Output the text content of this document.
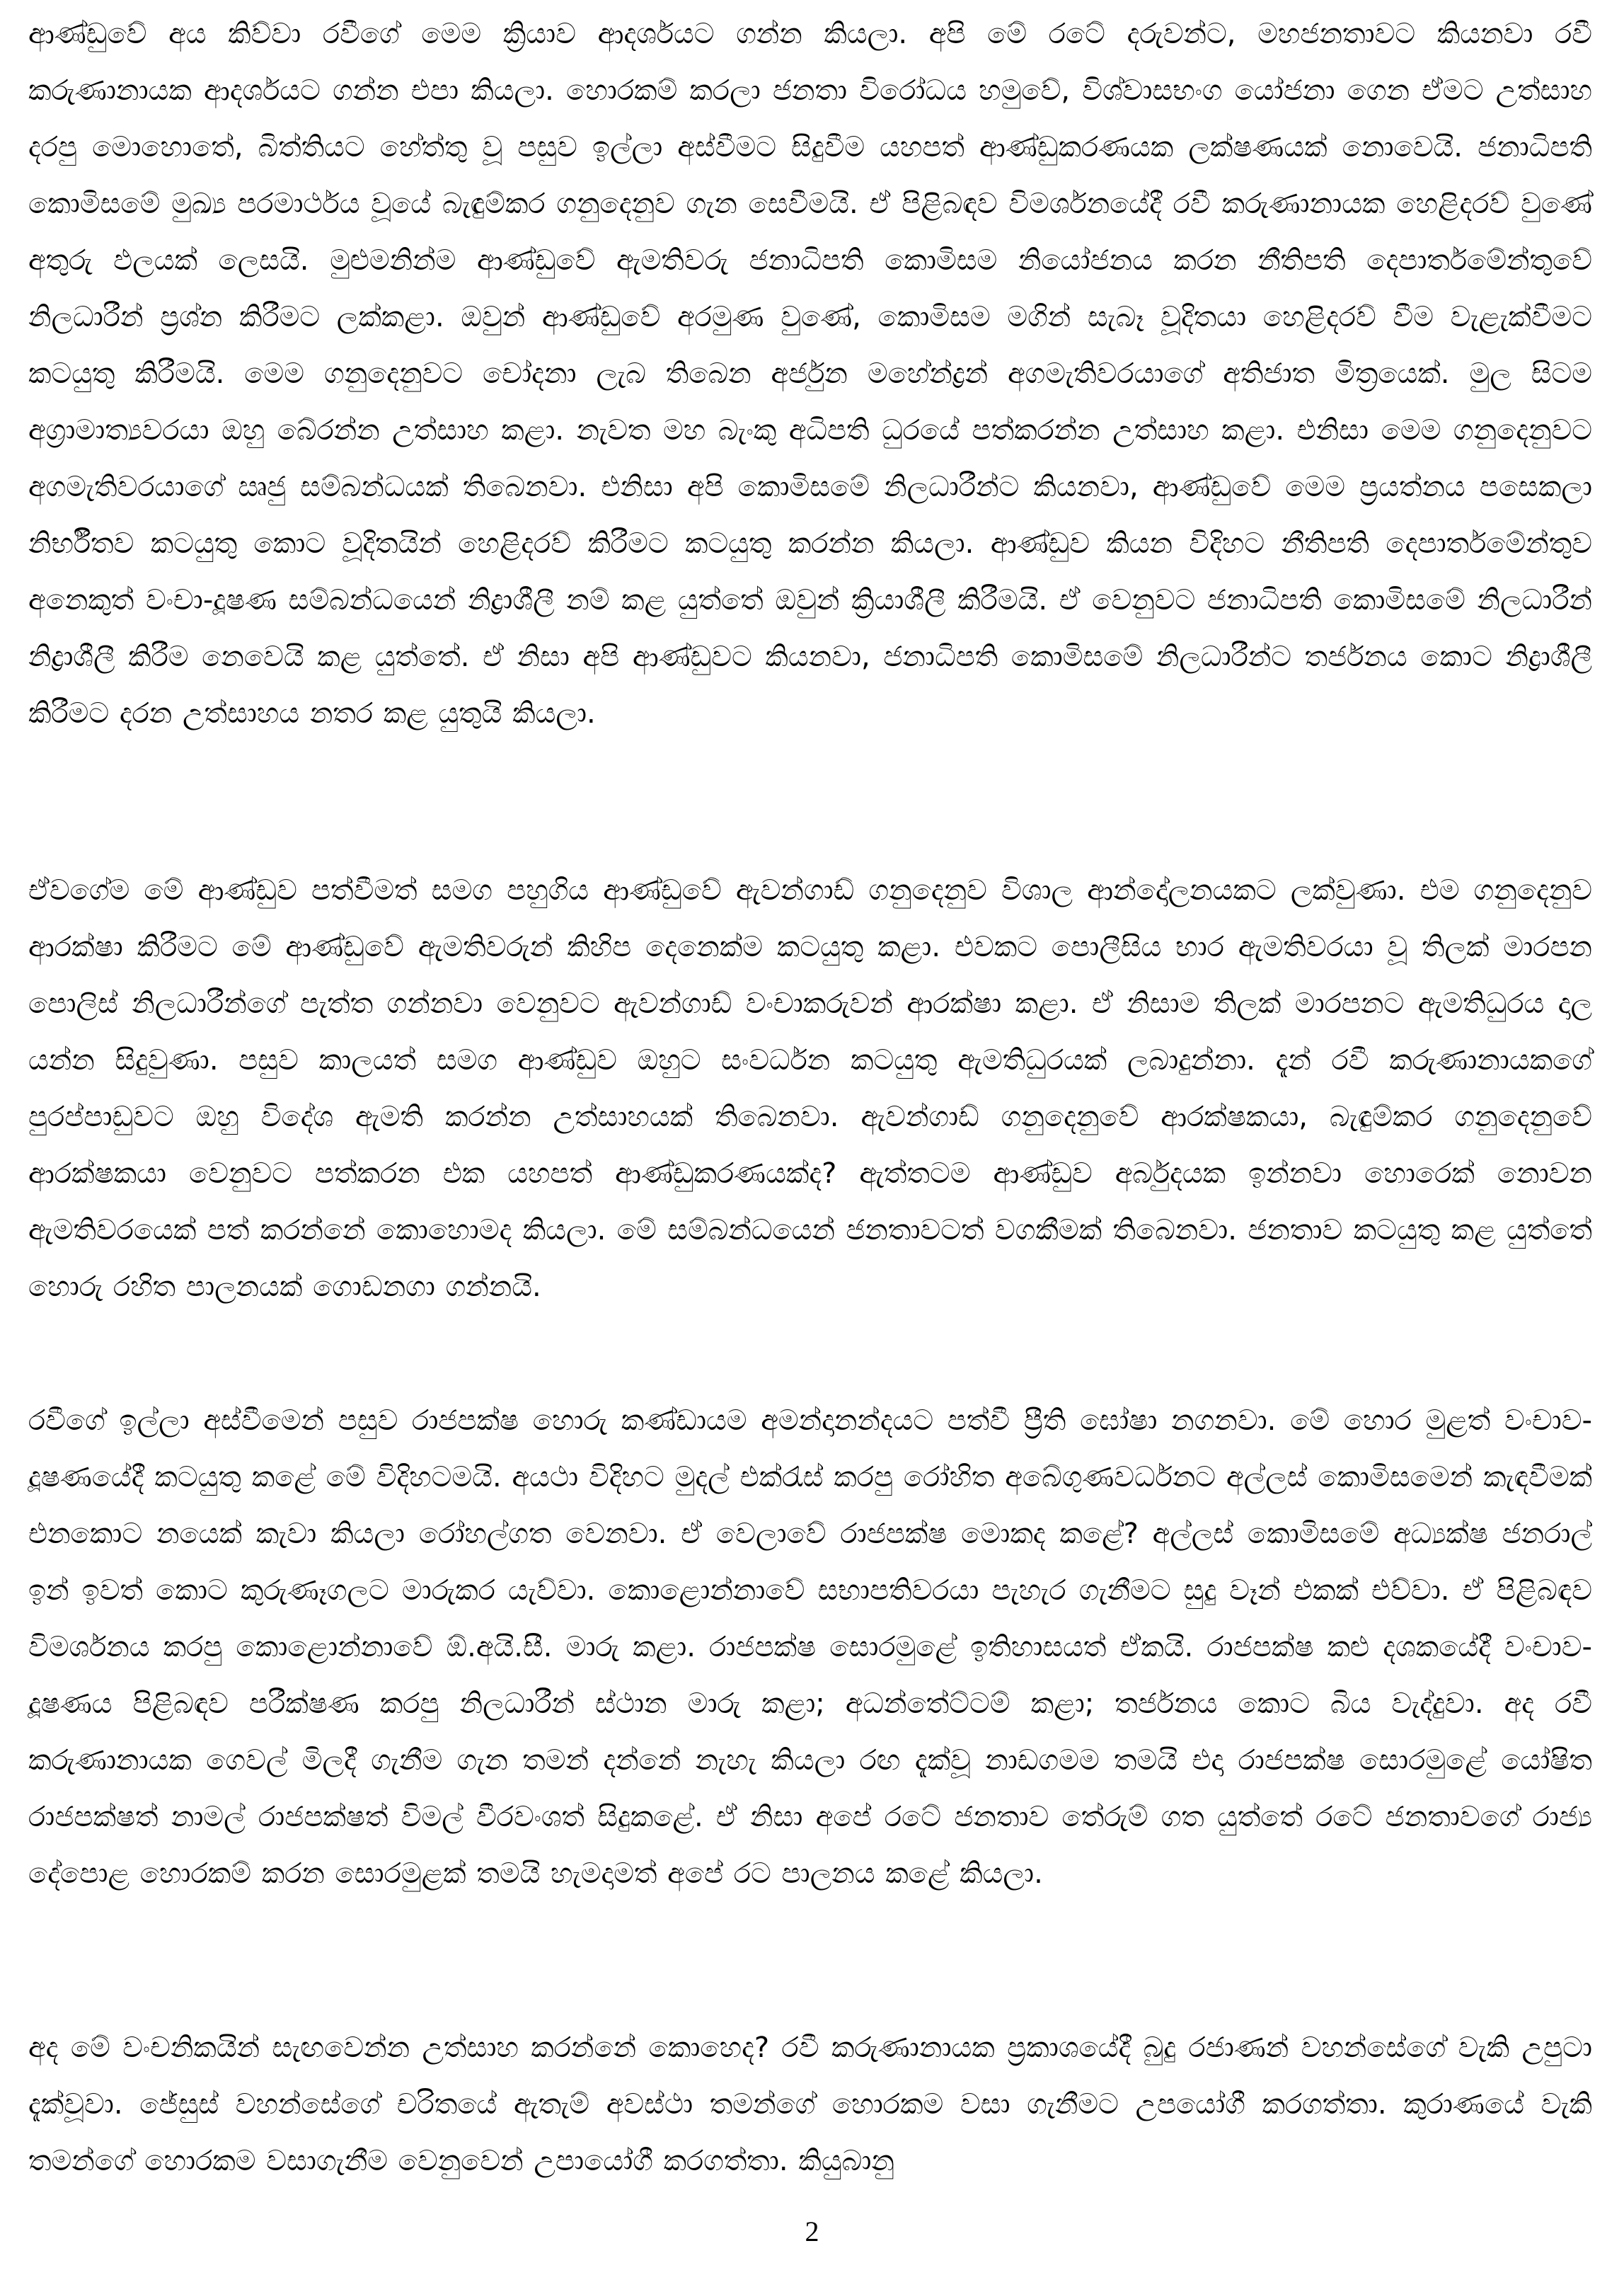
ආණ්ඩුවේ අය කිව්වා රවීගේ මෙම ක්‍රියාව ආදර්ශයට ගන්න කියලා. අපි මේ රටේ දරුවන්ට, මහජනතාවට කියනවා රවී කරුණානායක ආදර්ශයට ගන්න එපා කියලා. හොරකම් කරලා ජනතා විරෝධය හමුවේ, විශ්වාසභංග යෝජනා ගෙන ඒමට උත්සාහ දරපු මොහොතේ, බිත්තියට හේත්තු වූ පසුව ඉල්ලා අස්වීමට සිදුවීම යහපත් ආණ්ඩුකරණයක ලක්ෂණයක් නොවෙයි. ජනාධිපති කොමිසමේ මුඛ්‍ය පරමාර්ථය වූයේ බැඳුම්කර ගනුදෙනුව ගැන සෙවීමයි. ඒ පිළිබඳව විමර්ශනයේදී රවී කරුණානායක හෙළිදරව් වුණේ අතුරු ඵලයක් ලෙසයි. මුළුමනින්ම ආණ්ඩුවේ ඇමතිවරු ජනාධිපති කොමිසම නියෝජනය කරන නීතිපති දෙපාර්තමේන්තුවේ නිලධාරීන් ප්‍රශ්න කිරීමට ලක්කළා. ඔවුන් ආණ්ඩුවේ අරමුණ වුණේ, කොමිසම මගින් සැබෑ වූදිතයා හෙළිදරව් වීම වැළැක්වීමට කටයුතු කිරීමයි. මෙම ගනුදෙනුවට චෝදනා ලැබ තිබෙන අර්ජුන මහේන්ද්‍රන් අගමැතිවරයාගේ අතිජාත මිත්‍රයෙක්. මුල සිටම අග්‍රාමාත්‍යවරයා ඔහු බේරන්න උත්සාහ කළා. නැවත මහ බැංකු අධිපති ධුරයේ පත්කරන්න උත්සාහ කළා. එනිසා මෙම ගනුදෙනුවට අගමැතිවරයාගේ ඍජු සම්බන්ධයක් තිබෙනවා. එනිසා අපි කොමිසමේ නිලධාරීන්ට කියනවා, ආණ්ඩුවේ මෙම ප්‍රයත්නය පසෙකලා නිර්භීතව කටයුතු කොට වූදිතයින් හෙළිදරව් කිරීමට කටයුතු කරන්න කියලා. ආණ්ඩුව කියන විදිහට නීතිපති දෙපාර්තමේන්තුව අනෙකුත් වංචා-දූෂණ සම්බන්ධයෙන් නිද්‍රාශීලී නම් කළ යුත්තේ ඔවුන් ක්‍රියාශීලී කිරීමයි. ඒ වෙනුවට ජනාධිපති කොමිසමේ නිලධාරීන් නිද්‍රාශීලී කිරීම නෙවෙයි කළ යුත්තේ. ඒ නිසා අපි ආණ්ඩුවට කියනවා, ජනාධිපති කොමිසමේ නිලධාරීන්ට තර්ජනය කොට නිද්‍රාශීලී කිරීමට දරන උත්සාහය නතර කළ යුතුයි කියලා.

ඒවගේම මේ ආණ්ඩුව පත්වීමත් සමග පහුගිය ආණ්ඩුවේ ඇවන්ගාඩ් ගනුදෙනුව විශාල ආන්දෝලනයකට ලක්වුණා. එම ගනුදෙනුව ආරක්ෂා කිරීමට මේ ආණ්ඩුවේ ඇමතිවරුන් කිහිප දෙනෙක්ම කටයුතු කළා. එවකට පොලීසිය භාර ඇමතිවරයා වූ තිලක් මාරපන පොලිස් නිලධාරීන්ගේ පැත්ත ගන්නවා වෙනුවට ඇවන්ගාඩ් වංචාකරුවන් ආරක්ෂා කළා. ඒ නිසාම තිලක් මාරපනට ඇමතිධුරය දාල යන්න සිදුවුණා. පසුව කාලයත් සමග ආණ්ඩුව ඔහුට සංවර්ධන කටයුතු ඇමතිධුරයක් ලබාදුන්නා. දැන් රවී කරුණානායකගේ පුරප්පාඩුවට ඔහු විදේශ ඇමති කරන්න උත්සාහයක් තිබෙනවා. ඇවන්ගාඩ් ගනුදෙනුවේ ආරක්ෂකයා, බැඳුම්කර ගනුදෙනුවේ ආරක්ෂකයා වෙනුවට පත්කරන එක යහපත් ආණ්ඩුකරණයක්ද? ඇත්තටම ආණ්ඩුව අර්බුදයක ඉන්නවා හොරෙක් නොවන ඇමතිවරයෙක් පත් කරන්නේ කොහොමද කියලා. මේ සම්බන්ධයෙන් ජනතාවටත් වගකීමක් තිබෙනවා. ජනතාව කටයුතු කළ යුත්තේ හොරු රහිත පාලනයක් ගොඩනගා ගන්නයි.

රවීගේ ඉල්ලා අස්වීමෙන් පසුව රාජපක්ෂ හොරු කණ්ඩායම අමන්දානන්දයට පත්වී ප්‍රීති ඝෝෂා නගනවා. මේ හොර මුළත් වංචාව-දූෂණයේදී කටයුතු කළේ මේ විදිහටමයි. අයථා විදිහට මුදල් එක්රැස් කරපු රෝහිත අබේගුණවර්ධනට අල්ලස් කොමිසමෙන් කැඳවීමක් එනකොට නයෙක් කැවා කියලා රෝහල්ගත වෙනවා. ඒ වෙලාවේ රාජපක්ෂ මොකද කළේ? අල්ලස් කොමිසමේ අධ්‍යක්ෂ ජනරාල් ඉන් ඉවත් කොට කුරුණෑගලට මාරුකර යැව්වා. කොළොන්නාවේ සභාපතිවරයා පැහැර ගැනීමට සුදු වෑන් එකක් එව්වා. ඒ පිළිබඳව විමර්ශනය කරපු කොළොන්නාවේ ඕ.අයි.සී. මාරු කළා. රාජපක්ෂ සොරමුළේ ඉතිහාසයත් ඒකයි. රාජපක්ෂ කළු දශකයේදී වංචාව-දූෂණය පිළිබඳව පරීක්ෂණ කරපු නිලධාරීන් ස්ථාන මාරු කළා; අධන්තේට්ටම් කළා; තර්ජනය කොට බිය වැද්දුවා. අද රවී කරුණානායක ගෙවල් මිලදී ගැනීම ගැන තමන් දන්නේ නැහැ කියලා රඟ දැක්වූ නාඩගමම තමයි එදා රාජපක්ෂ සොරමුළේ යෝෂිත රාජපක්ෂත් නාමල් රාජපක්ෂත් විමල් වීරවංශත් සිදුකළේ. ඒ නිසා අපේ රටේ ජනතාව තේරුම් ගත යුත්තේ රටේ ජනතාවගේ රාජ්‍ය දේපොළ හොරකම් කරන සොරමුළක් තමයි හැමදාමත් අපේ රට පාලනය කළේ කියලා.

අද මේ වංචනිකයින් සැඟවෙන්න උත්සාහ කරන්නේ කොහෙද? රවී කරුණානායක ප්‍රකාශයේදී බුදු රජාණන් වහන්සේගේ වැකි උපුටා දැක්වූවා. ජේසුස් වහන්සේගේ චරිතයේ ඇතැම් අවස්ථා තමන්ගේ හොරකම වසා ගැනීමට උපයෝගී කරගත්තා. කුරාණයේ වැකි තමන්ගේ හොරකම වසාගැනීම වෙනුවෙන් උපායෝගී කරගත්තා. කියුබානු

2
